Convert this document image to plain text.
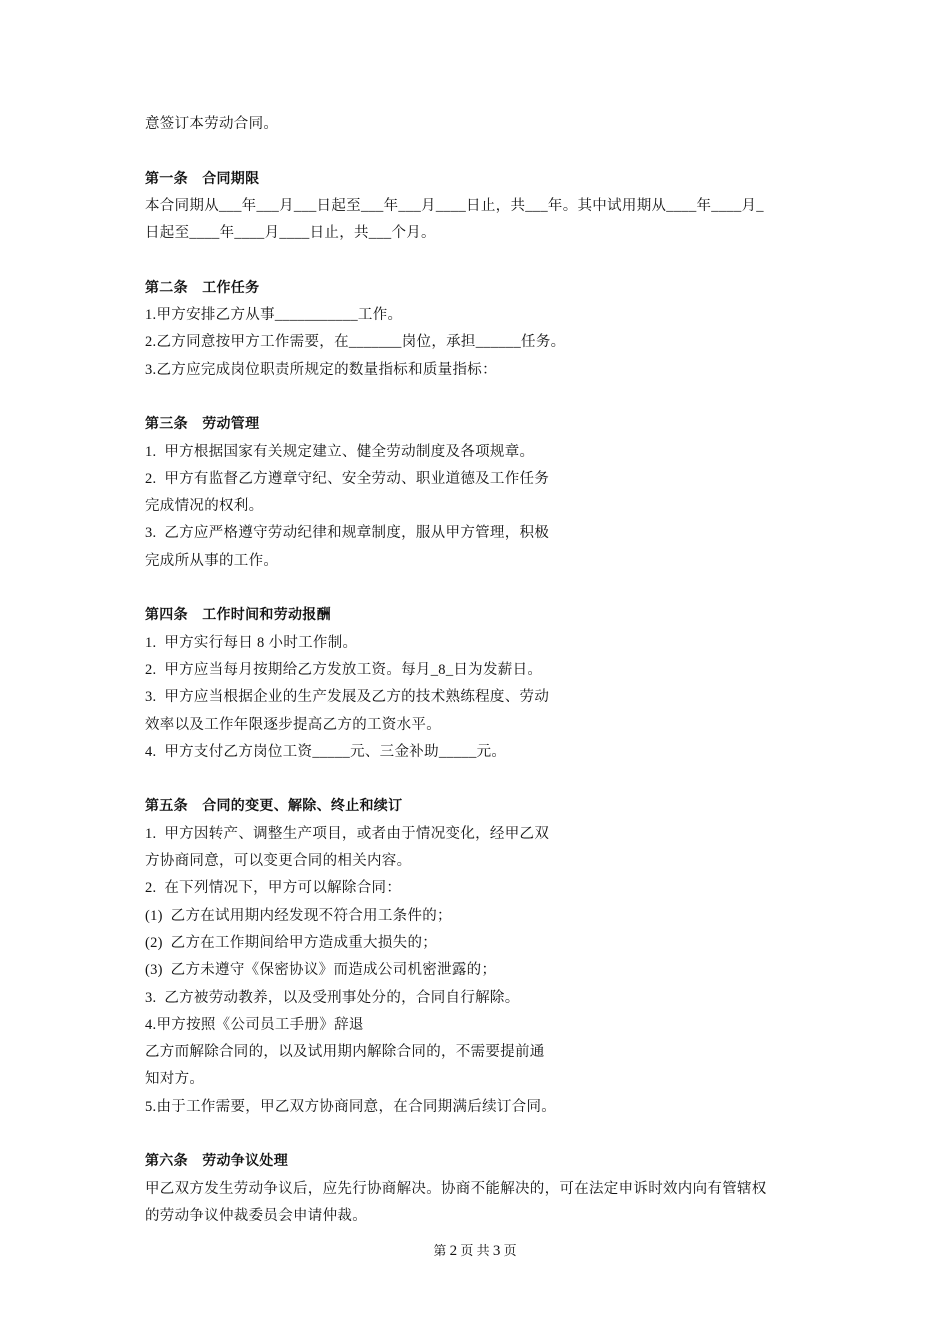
意签订本劳动合同。
第一条　合同期限
本合同期从___年___月___日起至___年___月____日止，共___年。其中试用期从____年____月_
日起至____年____月____日止，共___个月。
第二条　工作任务
1.甲方安排乙方从事___________工作。
2.乙方同意按甲方工作需要，在_______岗位，承担______任务。
3.乙方应完成岗位职责所规定的数量指标和质量指标：
第三条　劳动管理
1.  甲方根据国家有关规定建立、健全劳动制度及各项规章。
2.  甲方有监督乙方遵章守纪、安全劳动、职业道德及工作任务
完成情况的权利。
3.  乙方应严格遵守劳动纪律和规章制度，服从甲方管理，积极
完成所从事的工作。
第四条　工作时间和劳动报酬
1.  甲方实行每日 8 小时工作制。
2.  甲方应当每月按期给乙方发放工资。每月_8_日为发薪日。
3.  甲方应当根据企业的生产发展及乙方的技术熟练程度、劳动
效率以及工作年限逐步提高乙方的工资水平。
4.  甲方支付乙方岗位工资_____元、三金补助_____元。
第五条　合同的变更、解除、终止和续订
1.  甲方因转产、调整生产项目，或者由于情况变化，经甲乙双
方协商同意，可以变更合同的相关内容。
2.  在下列情况下，甲方可以解除合同：
(1)  乙方在试用期内经发现不符合用工条件的；
(2)  乙方在工作期间给甲方造成重大损失的；
(3)  乙方未遵守《保密协议》而造成公司机密泄露的；
3.  乙方被劳动教养，以及受刑事处分的，合同自行解除。
4.甲方按照《公司员工手册》辞退
乙方而解除合同的，以及试用期内解除合同的，不需要提前通
知对方。
5.由于工作需要，甲乙双方协商同意，在合同期满后续订合同。
第六条　劳动争议处理
甲乙双方发生劳动争议后，应先行协商解决。协商不能解决的，可在法定申诉时效内向有管辖权
的劳动争议仲裁委员会申请仲裁。
第 2 页 共 3 页
